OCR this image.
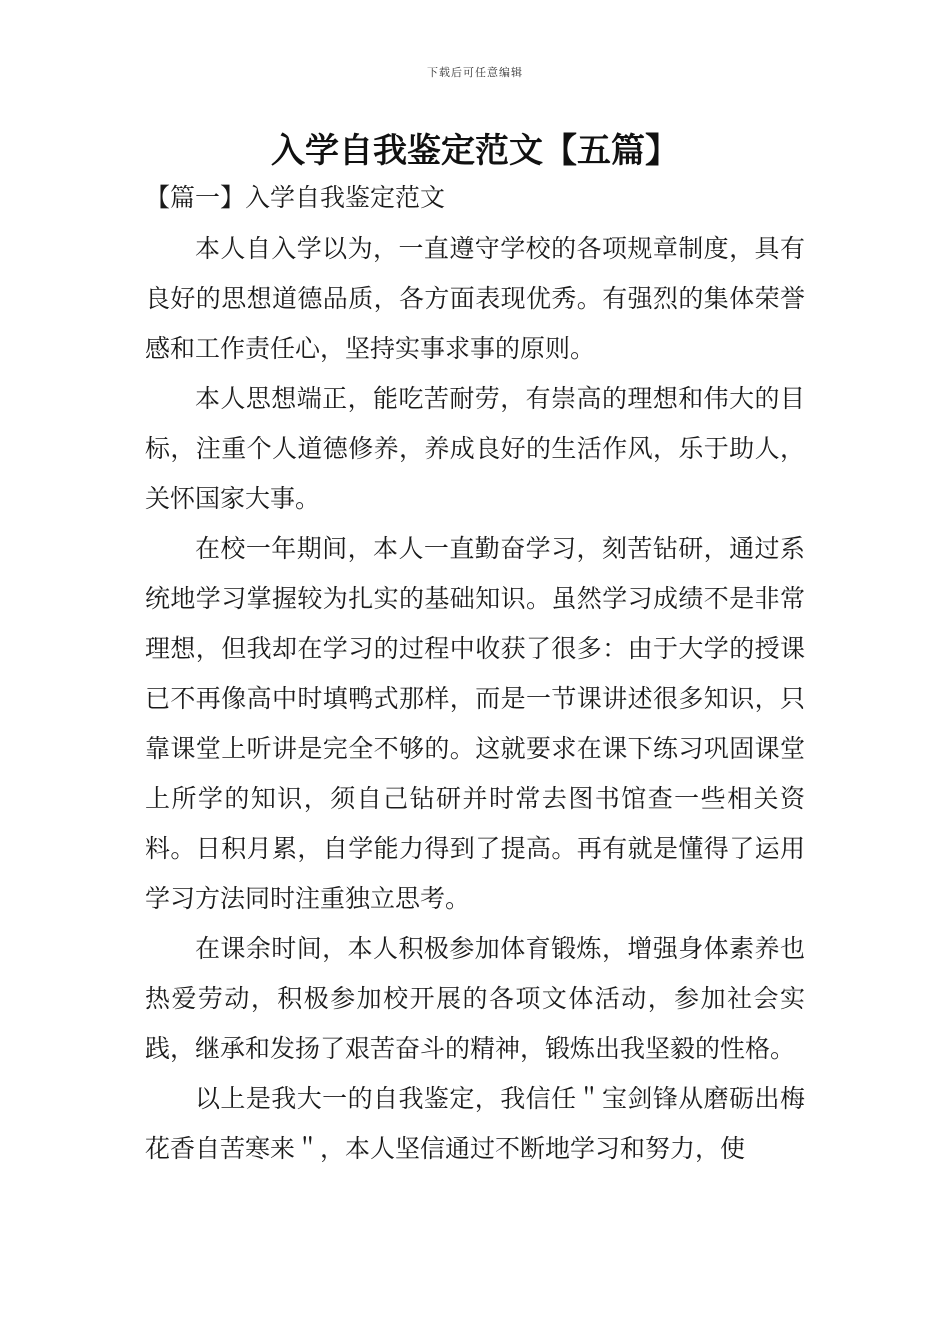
下载后可任意编辑
入学自我鉴定范文【五篇】
【篇一】入学自我鉴定范文

本人自入学以为，一直遵守学校的各项规章制度，具有良好的思想道德品质，各方面表现优秀。有强烈的集体荣誉感和工作责任心，坚持实事求事的原则。

本人思想端正，能吃苦耐劳，有崇高的理想和伟大的目标，注重个人道德修养，养成良好的生活作风，乐于助人，关怀国家大事。

在校一年期间，本人一直勤奋学习，刻苦钻研，通过系统地学习掌握较为扎实的基础知识。虽然学习成绩不是非常理想，但我却在学习的过程中收获了很多：由于大学的授课已不再像高中时填鸭式那样，而是一节课讲述很多知识，只靠课堂上听讲是完全不够的。这就要求在课下练习巩固课堂上所学的知识，须自己钻研并时常去图书馆查一些相关资料。日积月累，自学能力得到了提高。再有就是懂得了运用学习方法同时注重独立思考。

在课余时间，本人积极参加体育锻炼，增强身体素养也热爱劳动，积极参加校开展的各项文体活动，参加社会实践，继承和发扬了艰苦奋斗的精神，锻炼出我坚毅的性格。

以上是我大一的自我鉴定，我信任＂宝剑锋从磨砺出梅花香自苦寒来＂，本人坚信通过不断地学习和努力，使
